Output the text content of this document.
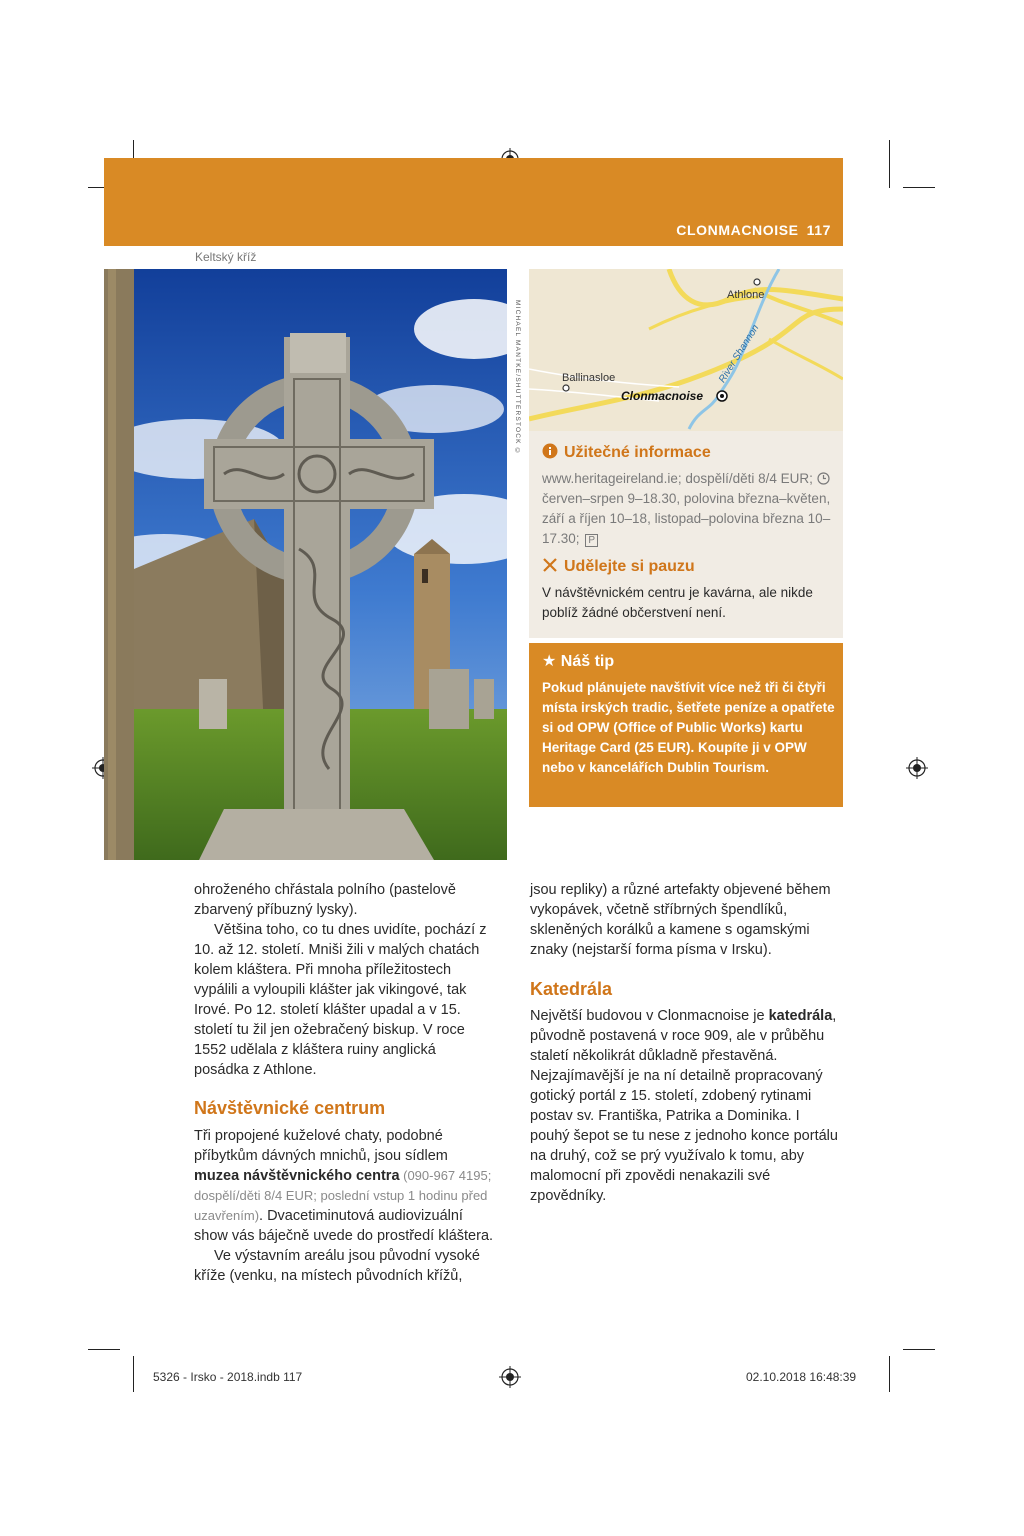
CLONMACNOISE 117
Keltský kříž
MICHAEL MANTKE/SHUTTERSTOCK ©
Athlone
Ballinasloe
Clonmacnoise
River Shannon
Užitečné informace
www.heritageireland.ie; dospělí/děti 8/4 EUR; červen–srpen 9–18.30, polovina března–květen, září a říjen 10–18, listopad–polovina března 10–17.30; P
Udělejte si pauzu
V návštěvnickém centru je kavárna, ale nikde poblíž žádné občerstvení není.
★ Náš tip
Pokud plánujete navštívit více než tři či čtyři místa irských tradic, šetřete peníze a opatřete si od OPW (Office of Public Works) kartu Heritage Card (25 EUR). Koupíte ji v OPW nebo v kancelářích Dublin Tourism.

ohroženého chřástala polního (pastelově zbarvený příbuzný lysky).

Většina toho, co tu dnes uvidíte, pochází z 10. až 12. století. Mniši žili v malých chatách kolem kláštera. Při mnoha příležitostech vypálili a vyloupili klášter jak vikingové, tak Irové. Po 12. století klášter upadal a v 15. století tu žil jen ožebračený biskup. V roce 1552 udělala z kláštera ruiny anglická posádka z Athlone.

Návštěvnické centrum

Tři propojené kuželové chaty, podobné příbytkům dávných mnichů, jsou sídlem muzea návštěvnického centra (090-967 4195; dospělí/děti 8/4 EUR; poslední vstup 1 hodinu před uzavřením). Dvacetiminutová audiovizuální show vás báječně uvede do prostředí kláštera.

Ve výstavním areálu jsou původní vysoké kříže (venku, na místech původních křížů,

jsou repliky) a různé artefakty objevené během vykopávek, včetně stříbrných špendlíků, skleněných korálků a kamene s ogamskými znaky (nejstarší forma písma v Irsku).

Katedrála

Největší budovou v Clonmacnoise je katedrála, původně postavená v roce 909, ale v průběhu staletí několikrát důkladně přestavěná. Nejzajímavější je na ní detailně propracovaný gotický portál z 15. století, zdobený rytinami postav sv. Františka, Patrika a Dominika. I pouhý šepot se tu nese z jednoho konce portálu na druhý, což se prý využívalo k tomu, aby malomocní při zpovědi nenakazili své zpovědníky.

5326 - Irsko - 2018.indb 117	02.10.2018 16:48:39
